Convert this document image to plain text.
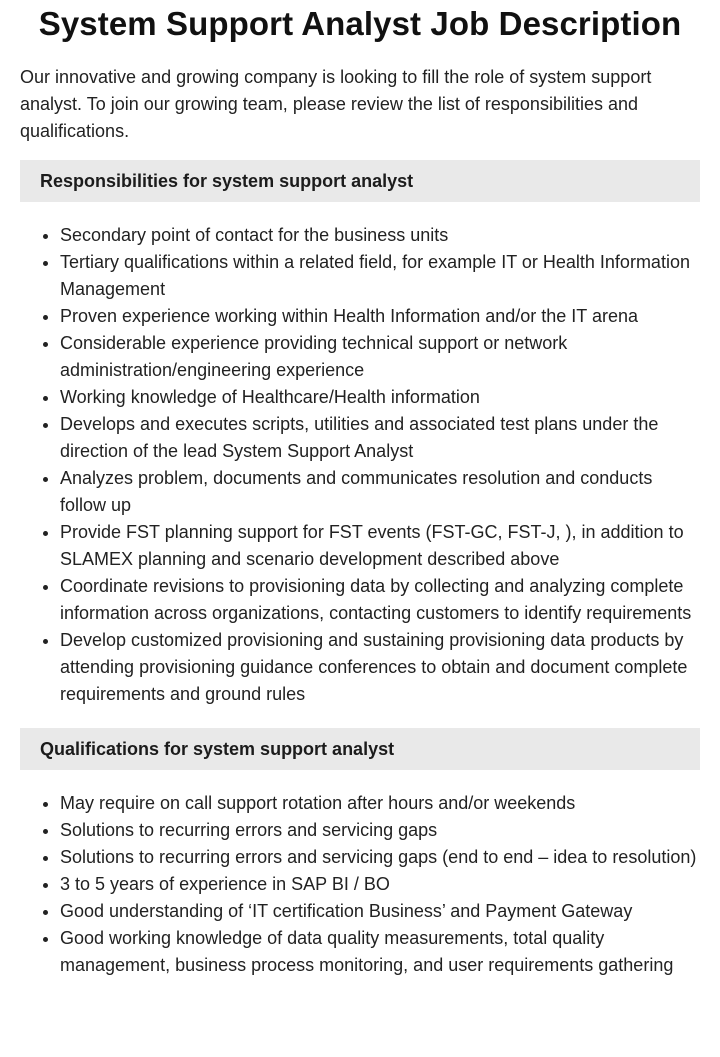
System Support Analyst Job Description

Our innovative and growing company is looking to fill the role of system support analyst. To join our growing team, please review the list of responsibilities and qualifications.

Responsibilities for system support analyst
• Secondary point of contact for the business units
• Tertiary qualifications within a related field, for example IT or Health Information Management
• Proven experience working within Health Information and/or the IT arena
• Considerable experience providing technical support or network administration/engineering experience
• Working knowledge of Healthcare/Health information
• Develops and executes scripts, utilities and associated test plans under the direction of the lead System Support Analyst
• Analyzes problem, documents and communicates resolution and conducts follow up
• Provide FST planning support for FST events (FST-GC, FST-J, ), in addition to SLAMEX planning and scenario development described above
• Coordinate revisions to provisioning data by collecting and analyzing complete information across organizations, contacting customers to identify requirements
• Develop customized provisioning and sustaining provisioning data products by attending provisioning guidance conferences to obtain and document complete requirements and ground rules
Qualifications for system support analyst
• May require on call support rotation after hours and/or weekends
• Solutions to recurring errors and servicing gaps
• Solutions to recurring errors and servicing gaps (end to end – idea to resolution)
• 3 to 5 years of experience in SAP BI / BO
• Good understanding of ‘IT certification Business’ and Payment Gateway
• Good working knowledge of data quality measurements, total quality management, business process monitoring, and user requirements gathering
